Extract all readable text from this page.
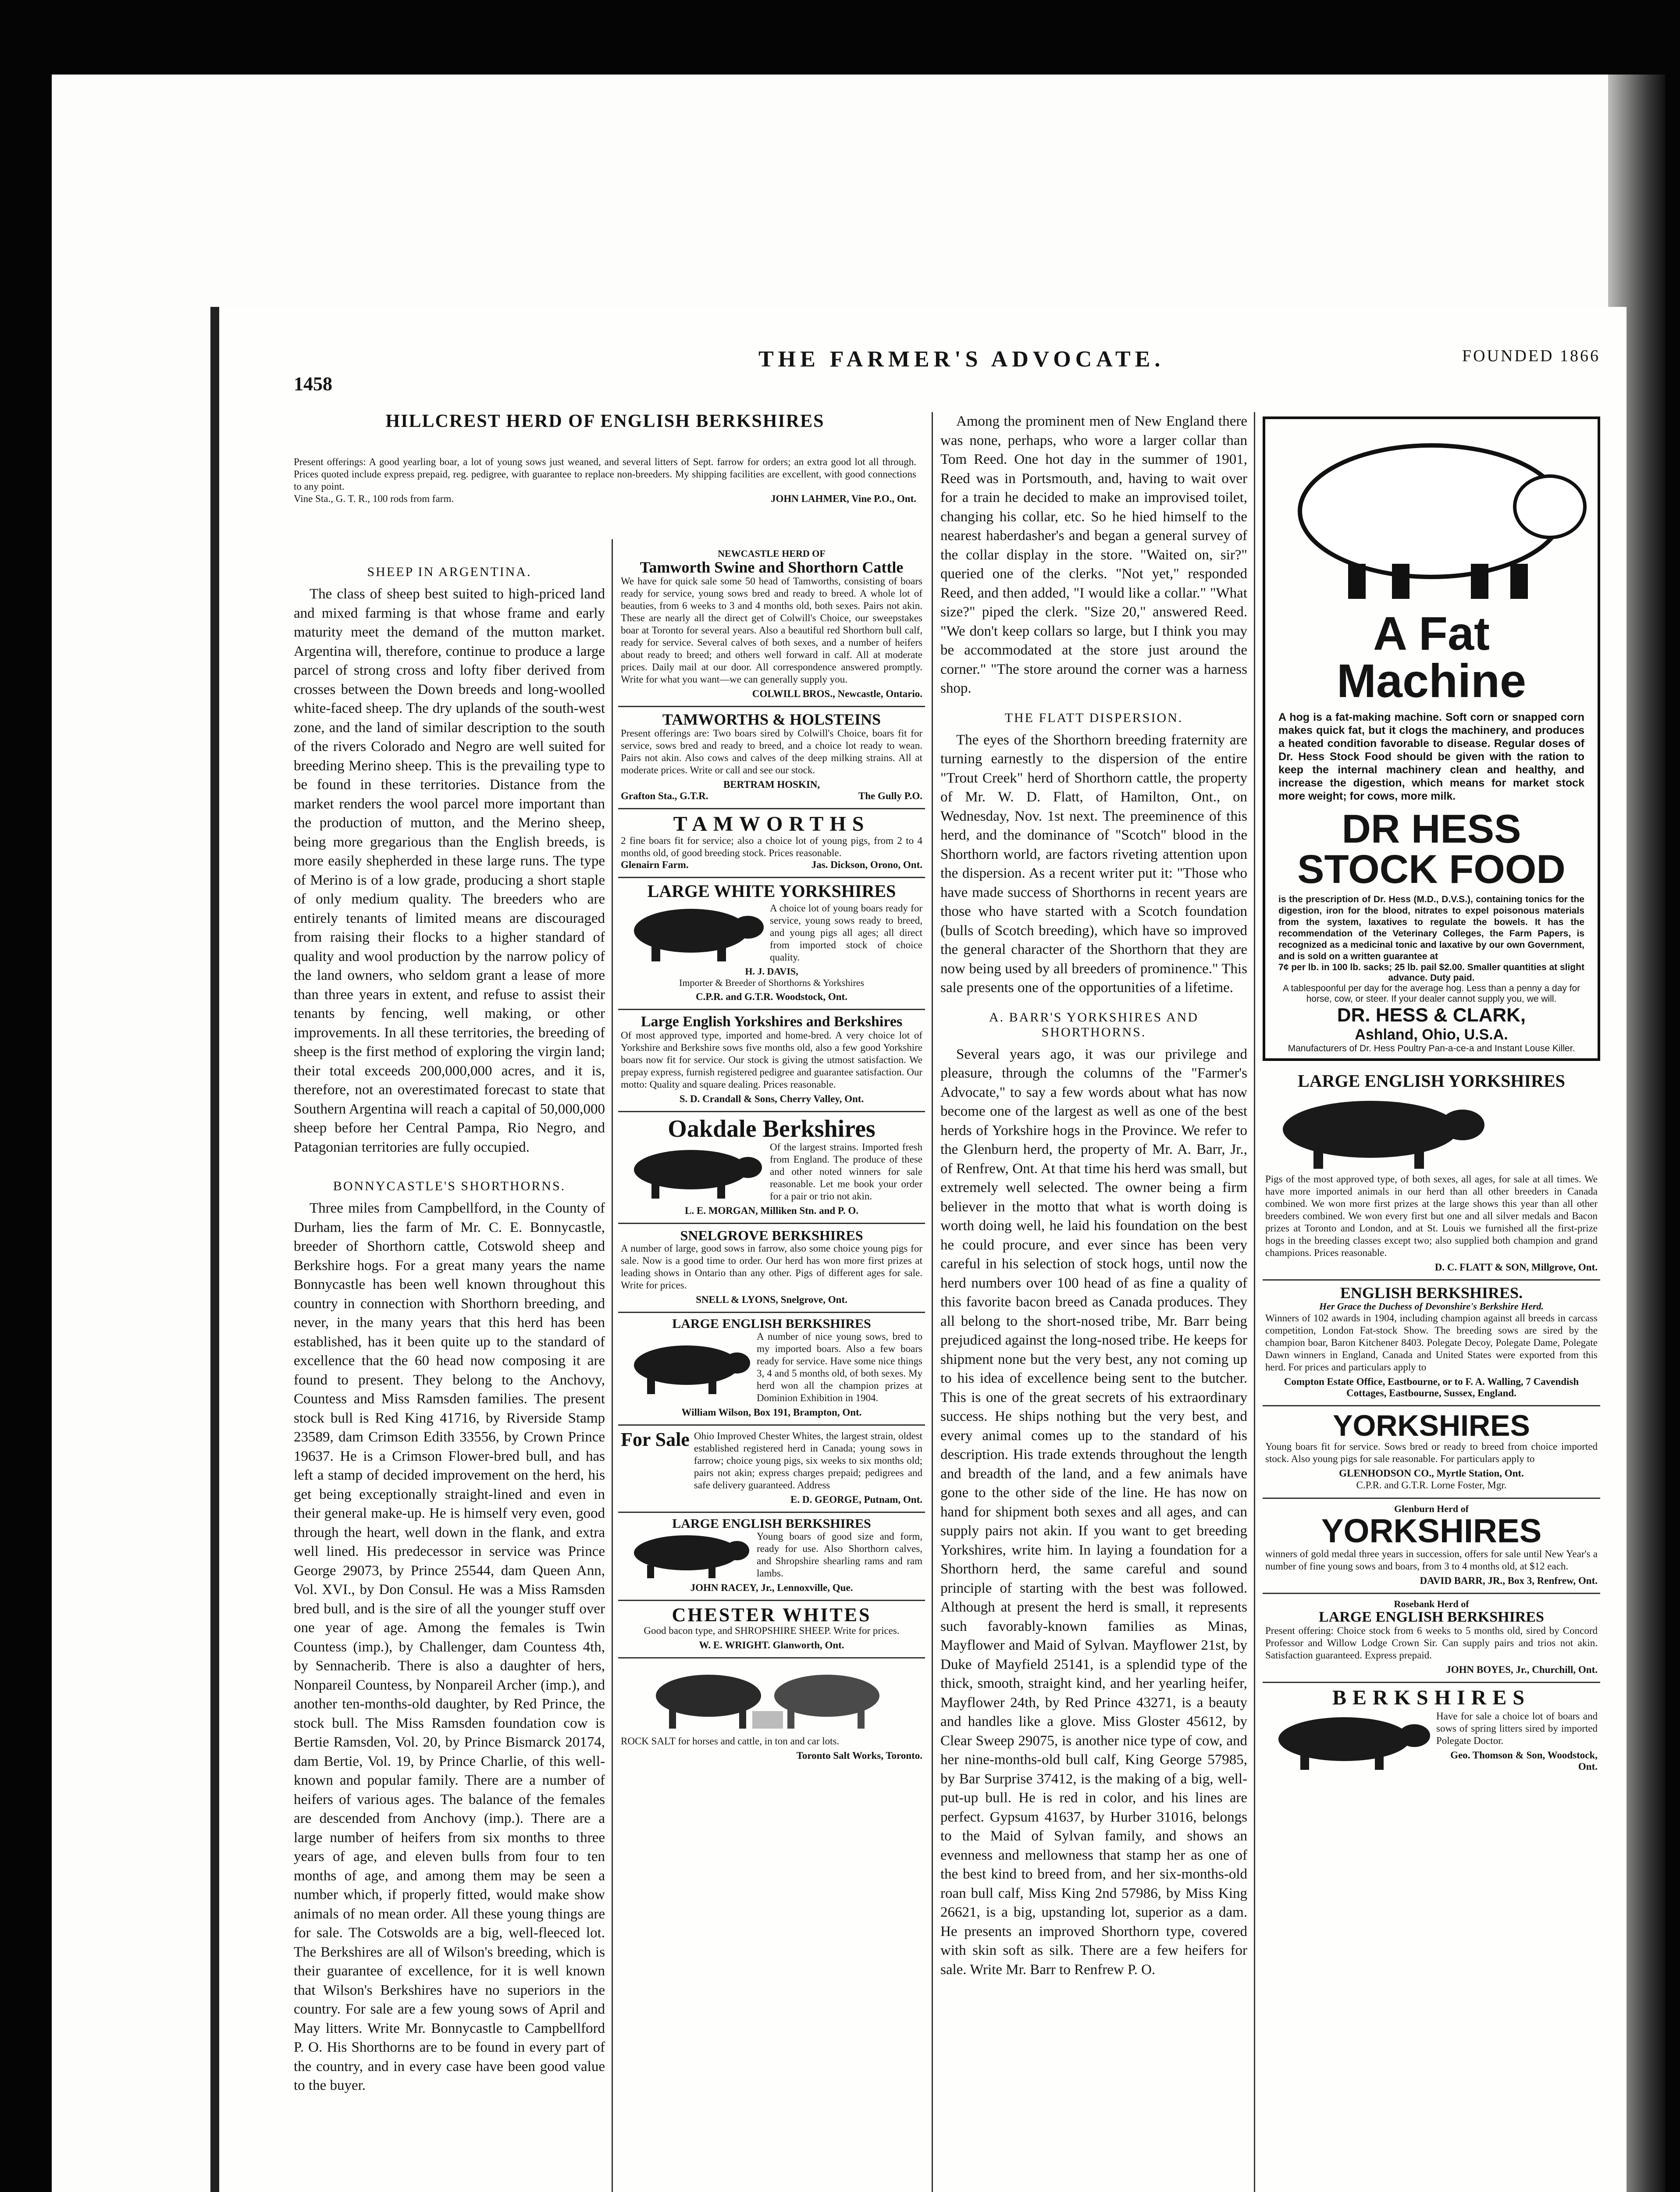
1458
THE FARMER'S ADVOCATE.	FOUNDED 1866
HILLCREST HERD OF ENGLISH BERKSHIRES
Present offerings: A good yearling boar, a lot of young sows just weaned, and several litters of Sept. farrow for orders; an extra good lot all through. Prices quoted include express prepaid, reg. pedigree, with guarantee to replace non-breeders. My shipping facilities are excellent, with good connections to any point.
Vine Sta., G. T. R., 100 rods from farm.	JOHN LAHMER, Vine P.O., Ont.
SHEEP IN ARGENTINA.

The class of sheep best suited to high-priced land and mixed farming is that whose frame and early maturity meet the demand of the mutton market. Argentina will, therefore, continue to produce a large parcel of strong cross and lofty fiber derived from crosses between the Down breeds and long-woolled white-faced sheep. The dry uplands of the south-west zone, and the land of similar description to the south of the rivers Colorado and Negro are well suited for breeding Merino sheep. This is the prevailing type to be found in these territories. Distance from the market renders the wool parcel more important than the production of mutton, and the Merino sheep, being more gregarious than the English breeds, is more easily shepherded in these large runs. The type of Merino is of a low grade, producing a short staple of only medium quality. The breeders who are entirely tenants of limited means are discouraged from raising their flocks to a higher standard of quality and wool production by the narrow policy of the land owners, who seldom grant a lease of more than three years in extent, and refuse to assist their tenants by fencing, well making, or other improvements. In all these territories, the breeding of sheep is the first method of exploring the virgin land; their total exceeds 200,000,000 acres, and it is, therefore, not an overestimated forecast to state that Southern Argentina will reach a capital of 50,000,000 sheep before her Central Pampa, Rio Negro, and Patagonian territories are fully occupied.

BONNYCASTLE'S SHORTHORNS.

Three miles from Campbellford, in the County of Durham, lies the farm of Mr. C. E. Bonnycastle, breeder of Shorthorn cattle, Cotswold sheep and Berkshire hogs. For a great many years the name Bonnycastle has been well known throughout this country in connection with Shorthorn breeding, and never, in the many years that this herd has been established, has it been quite up to the standard of excellence that the 60 head now composing it are found to present. They belong to the Anchovy, Countess and Miss Ramsden families. The present stock bull is Red King 41716, by Riverside Stamp 23589, dam Crimson Edith 33556, by Crown Prince 19637. He is a Crimson Flower-bred bull, and has left a stamp of decided improvement on the herd, his get being exceptionally straight-lined and even in their general make-up. He is himself very even, good through the heart, well down in the flank, and extra well lined. His predecessor in service was Prince George 29073, by Prince 25544, dam Queen Ann, Vol. XVI., by Don Consul. He was a Miss Ramsden bred bull, and is the sire of all the younger stuff over one year of age. Among the females is Twin Countess (imp.), by Challenger, dam Countess 4th, by Sennacherib. There is also a daughter of hers, Nonpareil Countess, by Nonpareil Archer (imp.), and another ten-months-old daughter, by Red Prince, the stock bull. The Miss Ramsden foundation cow is Bertie Ramsden, Vol. 20, by Prince Bismarck 20174, dam Bertie, Vol. 19, by Prince Charlie, of this well-known and popular family. There are a number of heifers of various ages. The balance of the females are descended from Anchovy (imp.). There are a large number of heifers from six months to three years of age, and eleven bulls from four to ten months of age, and among them may be seen a number which, if properly fitted, would make show animals of no mean order. All these young things are for sale. The Cotswolds are a big, well-fleeced lot. The Berkshires are all of Wilson's breeding, which is their guarantee of excellence, for it is well known that Wilson's Berkshires have no superiors in the country. For sale are a few young sows of April and May litters. Write Mr. Bonnycastle to Campbellford P. O. His Shorthorns are to be found in every part of the country, and in every case have been good value to the buyer.

NEWCASTLE HERD OF
Tamworth Swine and Shorthorn Cattle
We have for quick sale some 50 head of Tamworths, consisting of boars ready for service, young sows bred and ready to breed. A whole lot of beauties, from 6 weeks to 3 and 4 months old, both sexes. Pairs not akin. These are nearly all the direct get of Colwill's Choice, our sweepstakes boar at Toronto for several years. Also a beautiful red Shorthorn bull calf, ready for service. Several calves of both sexes, and a number of heifers about ready to breed; and others well forward in calf. All at moderate prices. Daily mail at our door. All correspondence answered promptly. Write for what you want—we can generally supply you.
COLWILL BROS., Newcastle, Ontario.
TAMWORTHS & HOLSTEINS
Present offerings are: Two boars sired by Colwill's Choice, boars fit for service, sows bred and ready to breed, and a choice lot ready to wean. Pairs not akin. Also cows and calves of the deep milking strains. All at moderate prices. Write or call and see our stock.
BERTRAM HOSKIN,
Grafton Sta., G.T.R.	The Gully P.O.
TAMWORTHS
2 fine boars fit for service; also a choice lot of young pigs, from 2 to 4 months old, of good breeding stock. Prices reasonable.
Glenairn Farm.	Jas. Dickson, Orono, Ont.
LARGE WHITE YORKSHIRES
A choice lot of young boars ready for service, young sows ready to breed, and young pigs all ages; all direct from imported stock of choice quality.
H. J. DAVIS,
Importer & Breeder of Shorthorns & Yorkshires
C.P.R. and G.T.R. Woodstock, Ont.
Large English Yorkshires and Berkshires
Of most approved type, imported and home-bred. A very choice lot of Yorkshire and Berkshire sows five months old, also a few good Yorkshire boars now fit for service. Our stock is giving the utmost satisfaction. We prepay express, furnish registered pedigree and guarantee satisfaction. Our motto: Quality and square dealing. Prices reasonable.
S. D. Crandall & Sons, Cherry Valley, Ont.
Oakdale Berkshires
Of the largest strains. Imported fresh from England. The produce of these and other noted winners for sale reasonable. Let me book your order for a pair or trio not akin.
L. E. MORGAN, Milliken Stn. and P. O.
SNELGROVE BERKSHIRES
A number of large, good sows in farrow, also some choice young pigs for sale. Now is a good time to order. Our herd has won more first prizes at leading shows in Ontario than any other. Pigs of different ages for sale. Write for prices.
SNELL & LYONS, Snelgrove, Ont.
LARGE ENGLISH BERKSHIRES
A number of nice young sows, bred to my imported boars. Also a few boars ready for service. Have some nice things 3, 4 and 5 months old, of both sexes. My herd won all the champion prizes at Dominion Exhibition in 1904.
William Wilson, Box 191, Brampton, Ont.
For Sale Ohio Improved Chester Whites, the largest strain, oldest established registered herd in Canada; young sows in farrow; choice young pigs, six weeks to six months old; pairs not akin; express charges prepaid; pedigrees and safe delivery guaranteed. Address
E. D. GEORGE, Putnam, Ont.
LARGE ENGLISH BERKSHIRES
Young boars of good size and form, ready for use. Also Shorthorn calves, and Shropshire shearling rams and ram lambs.
JOHN RACEY, Jr., Lennoxville, Que.
CHESTER WHITES
Good bacon type, and SHROPSHIRE SHEEP. Write for prices.
W. E. WRIGHT. Glanworth, Ont.
ROCK SALT for horses and cattle, in ton and car lots.
Toronto Salt Works, Toronto.

Among the prominent men of New England there was none, perhaps, who wore a larger collar than Tom Reed. One hot day in the summer of 1901, Reed was in Portsmouth, and, having to wait over for a train he decided to make an improvised toilet, changing his collar, etc. So he hied himself to the nearest haberdasher's and began a general survey of the collar display in the store. "Waited on, sir?" queried one of the clerks. "Not yet," responded Reed, and then added, "I would like a collar." "What size?" piped the clerk. "Size 20," answered Reed. "We don't keep collars so large, but I think you may be accommodated at the store just around the corner." "The store around the corner was a harness shop.

THE FLATT DISPERSION.

The eyes of the Shorthorn breeding fraternity are turning earnestly to the dispersion of the entire "Trout Creek" herd of Shorthorn cattle, the property of Mr. W. D. Flatt, of Hamilton, Ont., on Wednesday, Nov. 1st next. The preeminence of this herd, and the dominance of "Scotch" blood in the Shorthorn world, are factors riveting attention upon the dispersion. As a recent writer put it: "Those who have made success of Shorthorns in recent years are those who have started with a Scotch foundation (bulls of Scotch breeding), which have so improved the general character of the Shorthorn that they are now being used by all breeders of prominence." This sale presents one of the opportunities of a lifetime.

A. BARR'S YORKSHIRES AND SHORTHORNS.

Several years ago, it was our privilege and pleasure, through the columns of the "Farmer's Advocate," to say a few words about what has now become one of the largest as well as one of the best herds of Yorkshire hogs in the Province. We refer to the Glenburn herd, the property of Mr. A. Barr, Jr., of Renfrew, Ont. At that time his herd was small, but extremely well selected. The owner being a firm believer in the motto that what is worth doing is worth doing well, he laid his foundation on the best he could procure, and ever since has been very careful in his selection of stock hogs, until now the herd numbers over 100 head of as fine a quality of this favorite bacon breed as Canada produces. They all belong to the short-nosed tribe, Mr. Barr being prejudiced against the long-nosed tribe. He keeps for shipment none but the very best, any not coming up to his idea of excellence being sent to the butcher. This is one of the great secrets of his extraordinary success. He ships nothing but the very best, and every animal comes up to the standard of his description. His trade extends throughout the length and breadth of the land, and a few animals have gone to the other side of the line. He has now on hand for shipment both sexes and all ages, and can supply pairs not akin. If you want to get breeding Yorkshires, write him. In laying a foundation for a Shorthorn herd, the same careful and sound principle of starting with the best was followed. Although at present the herd is small, it represents such favorably-known families as Minas, Mayflower and Maid of Sylvan. Mayflower 21st, by Duke of Mayfield 25141, is a splendid type of the thick, smooth, straight kind, and her yearling heifer, Mayflower 24th, by Red Prince 43271, is a beauty and handles like a glove. Miss Gloster 45612, by Clear Sweep 29075, is another nice type of cow, and her nine-months-old bull calf, King George 57985, by Bar Surprise 37412, is the making of a big, well-put-up bull. He is red in color, and his lines are perfect. Gypsum 41637, by Hurber 31016, belongs to the Maid of Sylvan family, and shows an evenness and mellowness that stamp her as one of the best kind to breed from, and her six-months-old roan bull calf, Miss King 2nd 57986, by Miss King 26621, is a big, upstanding lot, superior as a dam. He presents an improved Shorthorn type, covered with skin soft as silk. There are a few heifers for sale. Write Mr. Barr to Renfrew P. O.

A Fat
Machine
A hog is a fat-making machine. Soft corn or snapped corn makes quick fat, but it clogs the machinery, and produces a heated condition favorable to disease. Regular doses of Dr. Hess Stock Food should be given with the ration to keep the internal machinery clean and healthy, and increase the digestion, which means for market stock more weight; for cows, more milk.
DR HESS
STOCK FOOD
is the prescription of Dr. Hess (M.D., D.V.S.), containing tonics for the digestion, iron for the blood, nitrates to expel poisonous materials from the system, laxatives to regulate the bowels. It has the recommendation of the Veterinary Colleges, the Farm Papers, is recognized as a medicinal tonic and laxative by our own Government, and is sold on a written guarantee at
7¢ per lb. in 100 lb. sacks; 25 lb. pail $2.00. Smaller quantities at slight advance. Duty paid.
A tablespoonful per day for the average hog. Less than a penny a day for horse, cow, or steer. If your dealer cannot supply you, we will.
DR. HESS & CLARK,
Ashland, Ohio, U.S.A.
Manufacturers of Dr. Hess Poultry Pan-a-ce-a and Instant Louse Killer.
LARGE ENGLISH YORKSHIRES
Pigs of the most approved type, of both sexes, all ages, for sale at all times. We have more imported animals in our herd than all other breeders in Canada combined. We won more first prizes at the large shows this year than all other breeders combined. We won every first but one and all silver medals and Bacon prizes at Toronto and London, and at St. Louis we furnished all the first-prize hogs in the breeding classes except two; also supplied both champion and grand champions. Prices reasonable.
D. C. FLATT & SON, Millgrove, Ont.
ENGLISH BERKSHIRES.
Her Grace the Duchess of Devonshire's Berkshire Herd.
Winners of 102 awards in 1904, including champion against all breeds in carcass competition, London Fat-stock Show. The breeding sows are sired by the champion boar, Baron Kitchener 8403. Polegate Decoy, Polegate Dame, Polegate Dawn winners in England, Canada and United States were exported from this herd. For prices and particulars apply to
Compton Estate Office, Eastbourne, or to F. A. Walling, 7 Cavendish Cottages, Eastbourne, Sussex, England.
YORKSHIRES
Young boars fit for service. Sows bred or ready to breed from choice imported stock. Also young pigs for sale reasonable. For particulars apply to
GLENHODSON CO., Myrtle Station, Ont.
C.P.R. and G.T.R. Lorne Foster, Mgr.
Glenburn Herd of
YORKSHIRES
winners of gold medal three years in succession, offers for sale until New Year's a number of fine young sows and boars, from 3 to 4 months old, at $12 each.
DAVID BARR, JR., Box 3, Renfrew, Ont.
Rosebank Herd of
LARGE ENGLISH BERKSHIRES
Present offering: Choice stock from 6 weeks to 5 months old, sired by Concord Professor and Willow Lodge Crown Sir. Can supply pairs and trios not akin. Satisfaction guaranteed. Express prepaid.
JOHN BOYES, Jr., Churchill, Ont.
BERKSHIRES
Have for sale a choice lot of boars and sows of spring litters sired by imported Polegate Doctor.
Geo. Thomson & Son, Woodstock, Ont.
